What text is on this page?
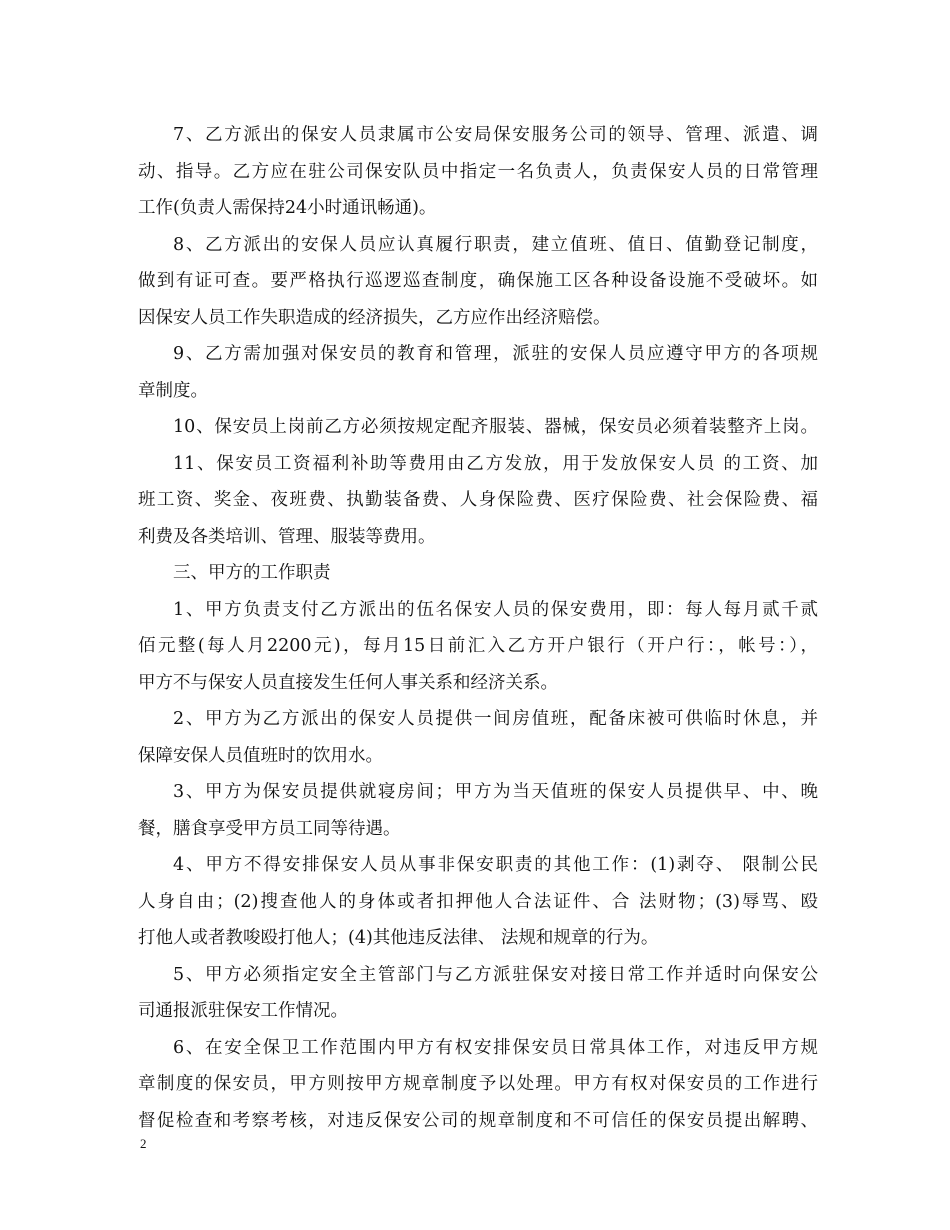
7、乙方派出的保安人员隶属市公安局保安服务公司的领导、管理、派遣、调
动、指导。乙方应在驻公司保安队员中指定一名负责人，负责保安人员的日常管理
工作(负责人需保持24小时通讯畅通)。
8、乙方派出的安保人员应认真履行职责，建立值班、值日、值勤登记制度，
做到有证可查。要严格执行巡逻巡查制度，确保施工区各种设备设施不受破坏。如
因保安人员工作失职造成的经济损失，乙方应作出经济赔偿。
9、乙方需加强对保安员的教育和管理，派驻的安保人员应遵守甲方的各项规
章制度。
10、保安员上岗前乙方必须按规定配齐服装、器械，保安员必须着装整齐上岗。
11、保安员工资福利补助等费用由乙方发放，用于发放保安人员 的工资、加
班工资、奖金、夜班费、执勤装备费、人身保险费、医疗保险费、社会保险费、福
利费及各类培训、管理、服装等费用。
三、甲方的工作职责
1、甲方负责支付乙方派出的伍名保安人员的保安费用，即：每人每月贰千贰
佰元整(每人月2200元)，每月15日前汇入乙方开户银行（开户行：，帐号：），
甲方不与保安人员直接发生任何人事关系和经济关系。
2、甲方为乙方派出的保安人员提供一间房值班，配备床被可供临时休息，并
保障安保人员值班时的饮用水。
3、甲方为保安员提供就寝房间；甲方为当天值班的保安人员提供早、中、晚
餐，膳食享受甲方员工同等待遇。
4、甲方不得安排保安人员从事非保安职责的其他工作：(1)剥夺、 限制公民
人身自由；(2)搜查他人的身体或者扣押他人合法证件、合 法财物；(3)辱骂、殴
打他人或者教唆殴打他人；(4)其他违反法律、 法规和规章的行为。
5、甲方必须指定安全主管部门与乙方派驻保安对接日常工作并适时向保安公
司通报派驻保安工作情况。
6、在安全保卫工作范围内甲方有权安排保安员日常具体工作，对违反甲方规
章制度的保安员，甲方则按甲方规章制度予以处理。甲方有权对保安员的工作进行
督促检查和考察考核，对违反保安公司的规章制度和不可信任的保安员提出解聘、
2
